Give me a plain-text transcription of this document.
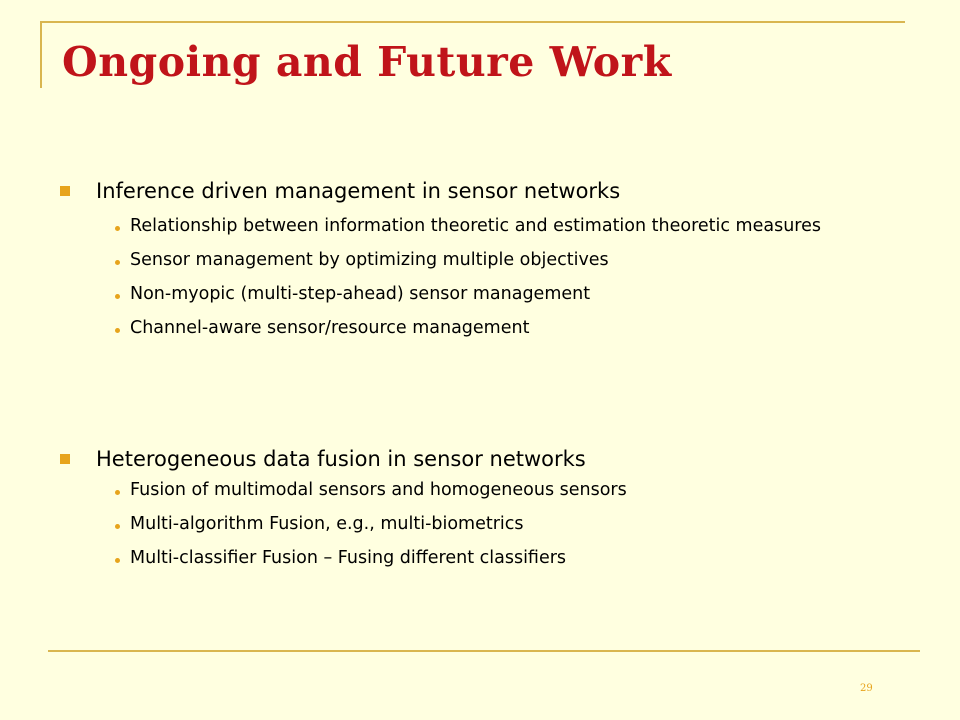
Ongoing and Future Work
Inference driven management in sensor networks
Relationship between information theoretic and estimation theoretic measures
Sensor management by optimizing multiple objectives
Non-myopic (multi-step-ahead) sensor management
Channel-aware sensor/resource management
Heterogeneous data fusion in sensor networks
Fusion of multimodal sensors and homogeneous sensors
Multi-algorithm Fusion, e.g., multi-biometrics
Multi-classifier Fusion – Fusing different classifiers
29
